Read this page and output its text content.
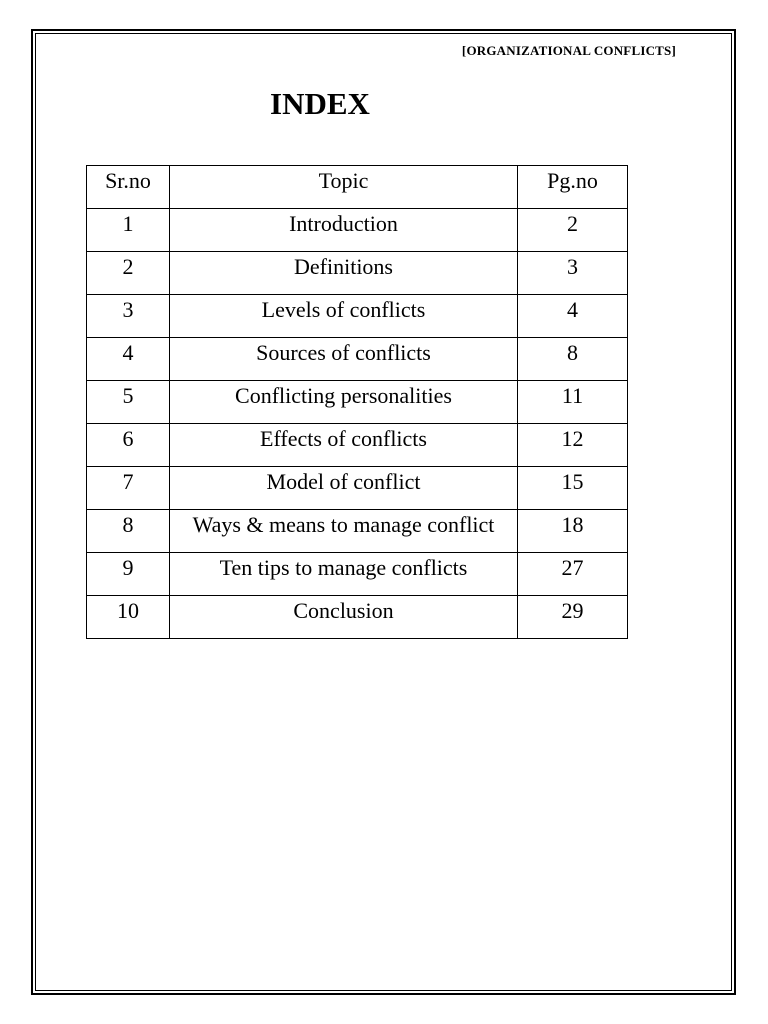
[ORGANIZATIONAL CONFLICTS]
INDEX
Sr.no	Topic	Pg.no

1	Introduction	2

2	Definitions	3

3	Levels of conflicts	4

4	Sources of conflicts	8

5	Conflicting personalities	11

6	Effects of conflicts	12

7	Model of conflict	15

8	Ways & means to manage conflict	18

9	Ten tips to manage conflicts	27

10	Conclusion	29
